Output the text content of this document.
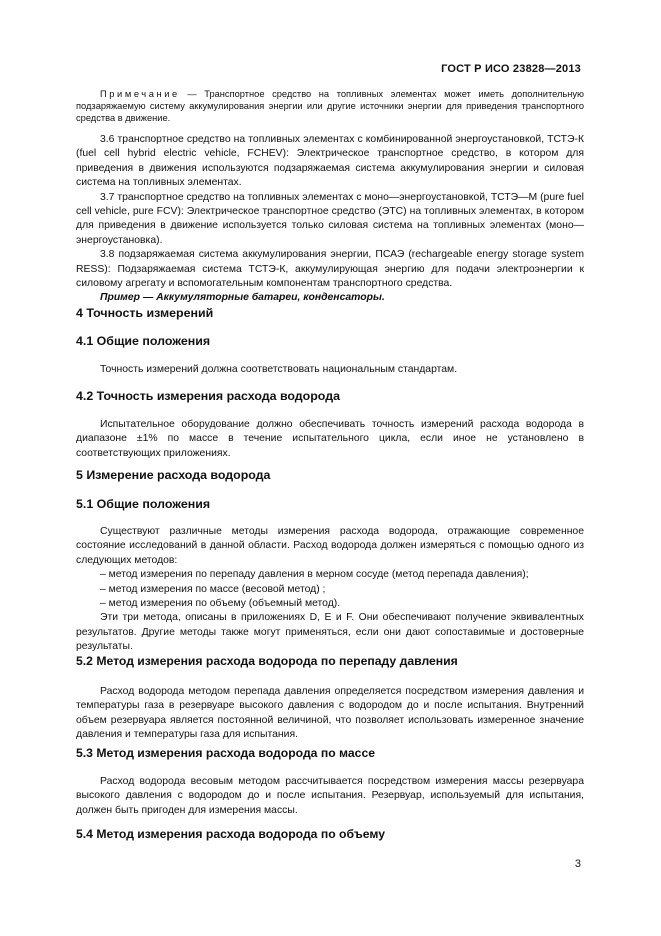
ГОСТ Р ИСО 23828—2013

Примечание — Транспортное средство на топливных элементах может иметь дополнительную подзаряжаемую систему аккумулирования энергии или другие источники энергии для приведения транспортного средства в движение.

3.6 транспортное средство на топливных элементах с комбинированной энергоустановкой, ТСТЭ-К (fuel cell hybrid electric vehicle, FCHEV): Электрическое транспортное средство, в котором для приведения в движения используются подзаряжаемая система аккумулирования энергии и силовая система на топливных элементах.

3.7 транспортное средство на топливных элементах с моно—энергоустановкой, ТСТЭ—М (pure fuel cell vehicle, pure FCV): Электрическое транспортное средство (ЭТС) на топливных элементах, в котором для приведения в движение используется только силовая система на топливных элементах (моно— энергоустановка).

3.8 подзаряжаемая система аккумулирования энергии, ПСАЭ (rechargeable energy storage system RESS): Подзаряжаемая система ТСТЭ-К, аккумулирующая энергию для подачи электроэнергии к силовому агрегату и вспомогательным компонентам транспортного средства.

Пример — Аккумуляторные батареи, конденсаторы.

4 Точность измерений
4.1 Общие положения

Точность измерений должна соответствовать национальным стандартам.

4.2 Точность измерения расхода водорода

Испытательное оборудование должно обеспечивать точность измерений расхода водорода в диапазоне ±1% по массе в течение испытательного цикла, если иное не установлено в соответствующих приложениях.

5 Измерение расхода водорода
5.1 Общие положения

Существуют различные методы измерения расхода водорода, отражающие современное состояние исследований в данной области. Расход водорода должен измеряться с помощью одного из следующих методов:

– метод измерения по перепаду давления в мерном сосуде (метод перепада давления);

– метод измерения по массе (весовой метод) ;

– метод измерения по объему (объемный метод).

Эти три метода, описаны в приложениях D, E и F. Они обеспечивают получение эквивалентных результатов. Другие методы также могут применяться, если они дают сопоставимые и достоверные результаты.

5.2 Метод измерения расхода водорода по перепаду давления

Расход водорода методом перепада давления определяется посредством измерения давления и температуры газа в резервуаре высокого давления с водородом до и после испытания. Внутренний объем резервуара является постоянной величиной, что позволяет использовать измеренное значение давления и температуры газа для испытания.

5.3 Метод измерения расхода водорода по массе

Расход водорода весовым методом рассчитывается посредством измерения массы резервуара высокого давления с водородом до и после испытания. Резервуар, используемый для испытания, должен быть пригоден для измерения массы.

5.4 Метод измерения расхода водорода по объему
3
